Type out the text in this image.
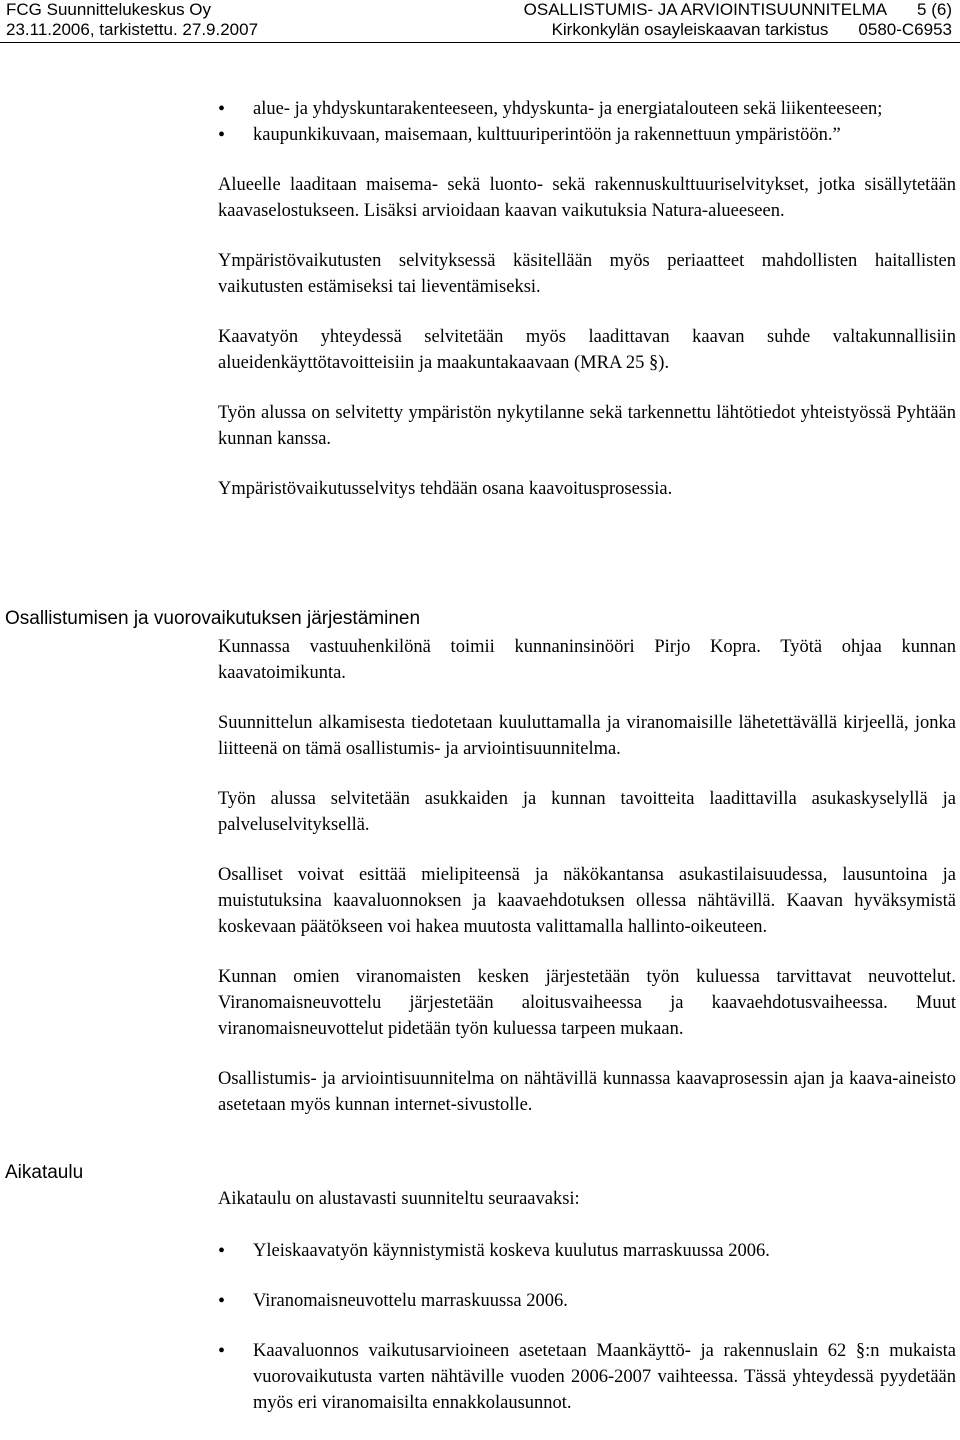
FCG Suunnittelukeskus Oy
23.11.2006, tarkistettu. 27.9.2007
OSALLISTUMIS- JA ARVIOINTISUUNNITELMA 5 (6)
Kirkonkylän osayleiskaavan tarkistus 0580-C6953
• alue- ja yhdyskuntarakenteeseen, yhdyskunta- ja energiatalouteen sekä liikenteeseen;
• kaupunkikuvaan, maisemaan, kulttuuriperintöön ja rakennettuun ympäristöön.”

Alueelle laaditaan maisema- sekä luonto- sekä rakennuskulttuuriselvitykset, jotka sisällytetään kaavaselostukseen. Lisäksi arvioidaan kaavan vaikutuksia Natura-alueeseen.

Ympäristövaikutusten selvityksessä käsitellään myös periaatteet mahdollisten haitallisten vaikutusten estämiseksi tai lieventämiseksi.

Kaavatyön yhteydessä selvitetään myös laadittavan kaavan suhde valtakunnallisiin alueidenkäyttötavoitteisiin ja maakuntakaavaan (MRA 25 §).

Työn alussa on selvitetty ympäristön nykytilanne sekä tarkennettu lähtötiedot yhteistyössä Pyhtään kunnan kanssa.

Ympäristövaikutusselvitys tehdään osana kaavoitusprosessia.

Osallistumisen ja vuorovaikutuksen järjestäminen

Kunnassa vastuuhenkilönä toimii kunnaninsinööri Pirjo Kopra. Työtä ohjaa kunnan kaavatoimikunta.

Suunnittelun alkamisesta tiedotetaan kuuluttamalla ja viranomaisille lähetettävällä kirjeellä, jonka liitteenä on tämä osallistumis- ja arviointisuunnitelma.

Työn alussa selvitetään asukkaiden ja kunnan tavoitteita laadittavilla asukaskyselyllä ja palveluselvityksellä.

Osalliset voivat esittää mielipiteensä ja näkökantansa asukastilaisuudessa, lausuntoina ja muistutuksina kaavaluonnoksen ja kaavaehdotuksen ollessa nähtävillä. Kaavan hyväksymistä koskevaan päätökseen voi hakea muutosta valittamalla hallinto-oikeuteen.

Kunnan omien viranomaisten kesken järjestetään työn kuluessa tarvittavat neuvottelut. Viranomaisneuvottelu järjestetään aloitusvaiheessa ja kaavaehdotusvaiheessa. Muut viranomaisneuvottelut pidetään työn kuluessa tarpeen mukaan.

Osallistumis- ja arviointisuunnitelma on nähtävillä kunnassa kaavaprosessin ajan ja kaava-aineisto asetetaan myös kunnan internet-sivustolle.

Aikataulu

Aikataulu on alustavasti suunniteltu seuraavaksi:

• Yleiskaavatyön käynnistymistä koskeva kuulutus marraskuussa 2006.
• Viranomaisneuvottelu marraskuussa 2006.
• Kaavaluonnos vaikutusarvioineen asetetaan Maankäyttö- ja rakennuslain 62 §:n mukaista vuorovaikutusta varten nähtäville vuoden 2006-2007 vaihteessa. Tässä yhteydessä pyydetään myös eri viranomaisilta ennakkolausunnot.
